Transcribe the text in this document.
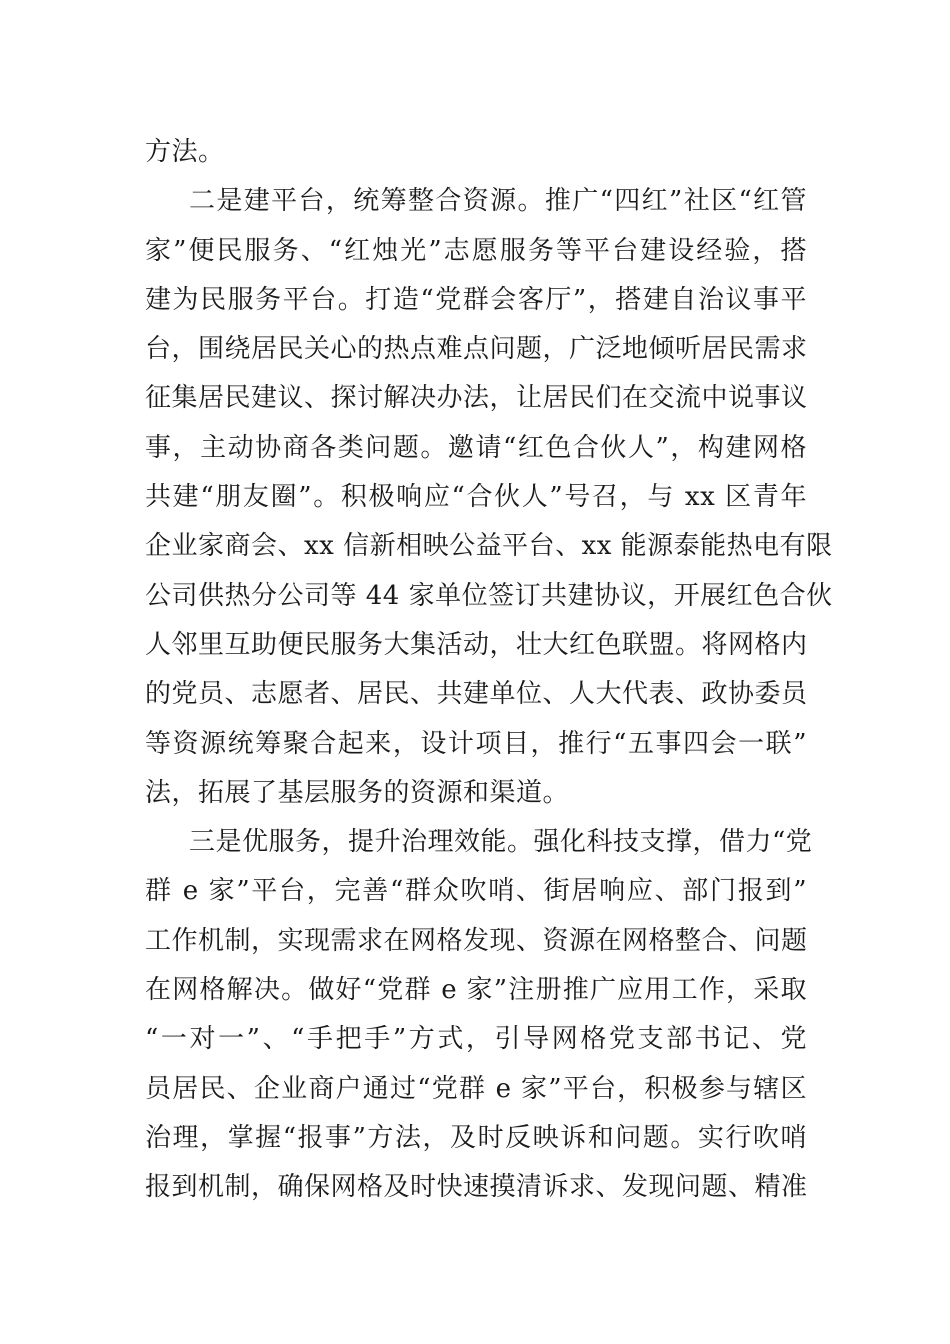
方法。
二是建平台，统筹整合资源。推广“四红”社区“红管
家”便民服务、“红烛光”志愿服务等平台建设经验，搭
建为民服务平台。打造“党群会客厅”，搭建自治议事平
台，围绕居民关心的热点难点问题，广泛地倾听居民需求
征集居民建议、探讨解决办法，让居民们在交流中说事议
事，主动协商各类问题。邀请“红色合伙人”，构建网格
共建“朋友圈”。积极响应“合伙人”号召，与 xx 区青年
企业家商会、xx 信新相映公益平台、xx 能源泰能热电有限
公司供热分公司等 44 家单位签订共建协议，开展红色合伙
人邻里互助便民服务大集活动，壮大红色联盟。将网格内
的党员、志愿者、居民、共建单位、人大代表、政协委员
等资源统筹聚合起来，设计项目，推行“五事四会一联”
法，拓展了基层服务的资源和渠道。
三是优服务，提升治理效能。强化科技支撑，借力“党
群 e 家”平台，完善“群众吹哨、街居响应、部门报到”
工作机制，实现需求在网格发现、资源在网格整合、问题
在网格解决。做好“党群 e 家”注册推广应用工作，采取
“一对一”、“手把手”方式，引导网格党支部书记、党
员居民、企业商户通过“党群 e 家”平台，积极参与辖区
治理，掌握“报事”方法，及时反映诉和问题。实行吹哨
报到机制，确保网格及时快速摸清诉求、发现问题、精准
